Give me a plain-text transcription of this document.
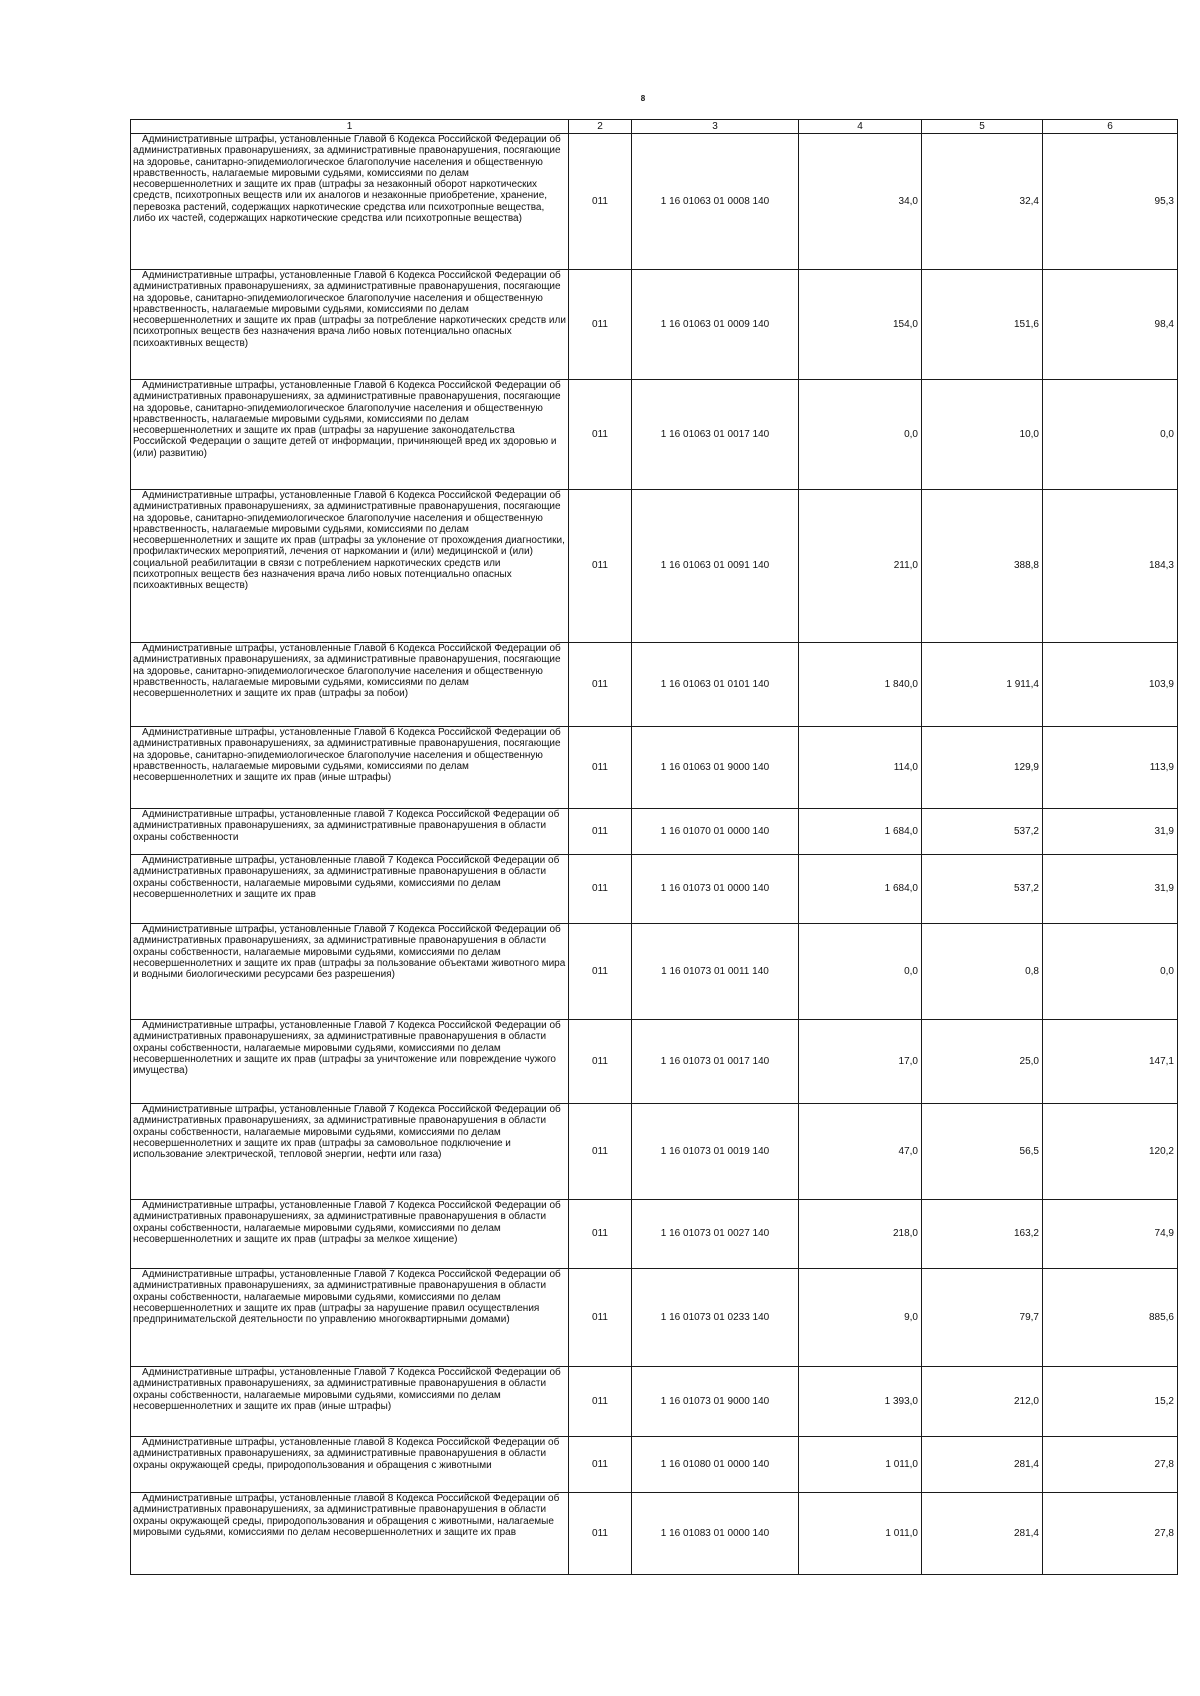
8
1	2	3	4	5	6
Административные штрафы, установленные Главой 6 Кодекса Российской Федерации об административных правонарушениях, за административные правонарушения, посягающие на здоровье, санитарно-эпидемиологическое благополучие населения и общественную нравственность, налагаемые мировыми судьями, комиссиями по делам несовершеннолетних и защите их прав (штрафы за незаконный оборот наркотических средств, психотропных веществ или их аналогов и незаконные приобретение, хранение, перевозка растений, содержащих наркотические средства или психотропные вещества, либо их частей, содержащих наркотические средства или психотропные вещества)	011	1 16 01063 01 0008 140	34,0	32,4	95,3
Административные штрафы, установленные Главой 6 Кодекса Российской Федерации об административных правонарушениях, за административные правонарушения, посягающие на здоровье, санитарно-эпидемиологическое благополучие населения и общественную нравственность, налагаемые мировыми судьями, комиссиями по делам несовершеннолетних и защите их прав (штрафы за потребление наркотических средств или психотропных веществ без назначения врача либо новых потенциально опасных психоактивных веществ)	011	1 16 01063 01 0009 140	154,0	151,6	98,4
Административные штрафы, установленные Главой 6 Кодекса Российской Федерации об административных правонарушениях, за административные правонарушения, посягающие на здоровье, санитарно-эпидемиологическое благополучие населения и общественную нравственность, налагаемые мировыми судьями, комиссиями по делам несовершеннолетних и защите их прав (штрафы за нарушение законодательства Российской Федерации о защите детей от информации, причиняющей вред их здоровью и (или) развитию)	011	1 16 01063 01 0017 140	0,0	10,0	0,0
Административные штрафы, установленные Главой 6 Кодекса Российской Федерации об административных правонарушениях, за административные правонарушения, посягающие на здоровье, санитарно-эпидемиологическое благополучие населения и общественную нравственность, налагаемые мировыми судьями, комиссиями по делам несовершеннолетних и защите их прав (штрафы за уклонение от прохождения диагностики, профилактических мероприятий, лечения от наркомании и (или) медицинской и (или) социальной реабилитации в связи с потреблением наркотических средств или психотропных веществ без назначения врача либо новых потенциально опасных психоактивных веществ)	011	1 16 01063 01 0091 140	211,0	388,8	184,3
Административные штрафы, установленные Главой 6 Кодекса Российской Федерации об административных правонарушениях, за административные правонарушения, посягающие на здоровье, санитарно-эпидемиологическое благополучие населения и общественную нравственность, налагаемые мировыми судьями, комиссиями по делам несовершеннолетних и защите их прав (штрафы за побои)	011	1 16 01063 01 0101 140	1 840,0	1 911,4	103,9
Административные штрафы, установленные Главой 6 Кодекса Российской Федерации об административных правонарушениях, за административные правонарушения, посягающие на здоровье, санитарно-эпидемиологическое благополучие населения и общественную нравственность, налагаемые мировыми судьями, комиссиями по делам несовершеннолетних и защите их прав (иные штрафы)	011	1 16 01063 01 9000 140	114,0	129,9	113,9
Административные штрафы, установленные главой 7 Кодекса Российской Федерации об административных правонарушениях, за административные правонарушения в области охраны собственности	011	1 16 01070 01 0000 140	1 684,0	537,2	31,9
Административные штрафы, установленные главой 7 Кодекса Российской Федерации об административных правонарушениях, за административные правонарушения в области охраны собственности, налагаемые мировыми судьями, комиссиями по делам несовершеннолетних и защите их прав	011	1 16 01073 01 0000 140	1 684,0	537,2	31,9
Административные штрафы, установленные Главой 7 Кодекса Российской Федерации об административных правонарушениях, за административные правонарушения в области охраны собственности, налагаемые мировыми судьями, комиссиями по делам несовершеннолетних и защите их прав (штрафы за пользование объектами животного мира и водными биологическими ресурсами без разрешения)	011	1 16 01073 01 0011 140	0,0	0,8	0,0
Административные штрафы, установленные Главой 7 Кодекса Российской Федерации об административных правонарушениях, за административные правонарушения в области охраны собственности, налагаемые мировыми судьями, комиссиями по делам несовершеннолетних и защите их прав (штрафы за уничтожение или повреждение чужого имущества)	011	1 16 01073 01 0017 140	17,0	25,0	147,1
Административные штрафы, установленные Главой 7 Кодекса Российской Федерации об административных правонарушениях, за административные правонарушения в области охраны собственности, налагаемые мировыми судьями, комиссиями по делам несовершеннолетних и защите их прав (штрафы за самовольное подключение и использование электрической, тепловой энергии, нефти или газа)	011	1 16 01073 01 0019 140	47,0	56,5	120,2
Административные штрафы, установленные Главой 7 Кодекса Российской Федерации об административных правонарушениях, за административные правонарушения в области охраны собственности, налагаемые мировыми судьями, комиссиями по делам несовершеннолетних и защите их прав (штрафы за мелкое хищение)	011	1 16 01073 01 0027 140	218,0	163,2	74,9
Административные штрафы, установленные Главой 7 Кодекса Российской Федерации об административных правонарушениях, за административные правонарушения в области охраны собственности, налагаемые мировыми судьями, комиссиями по делам несовершеннолетних и защите их прав (штрафы за нарушение правил осуществления предпринимательской деятельности по управлению многоквартирными домами)	011	1 16 01073 01 0233 140	9,0	79,7	885,6
Административные штрафы, установленные Главой 7 Кодекса Российской Федерации об административных правонарушениях, за административные правонарушения в области охраны собственности, налагаемые мировыми судьями, комиссиями по делам несовершеннолетних и защите их прав (иные штрафы)	011	1 16 01073 01 9000 140	1 393,0	212,0	15,2
Административные штрафы, установленные главой 8 Кодекса Российской Федерации об административных правонарушениях, за административные правонарушения в области охраны окружающей среды, природопользования и обращения с животными	011	1 16 01080 01 0000 140	1 011,0	281,4	27,8
Административные штрафы, установленные главой 8 Кодекса Российской Федерации об административных правонарушениях, за административные правонарушения в области охраны окружающей среды, природопользования и обращения с животными, налагаемые мировыми судьями, комиссиями по делам несовершеннолетних и защите их прав	011	1 16 01083 01 0000 140	1 011,0	281,4	27,8
